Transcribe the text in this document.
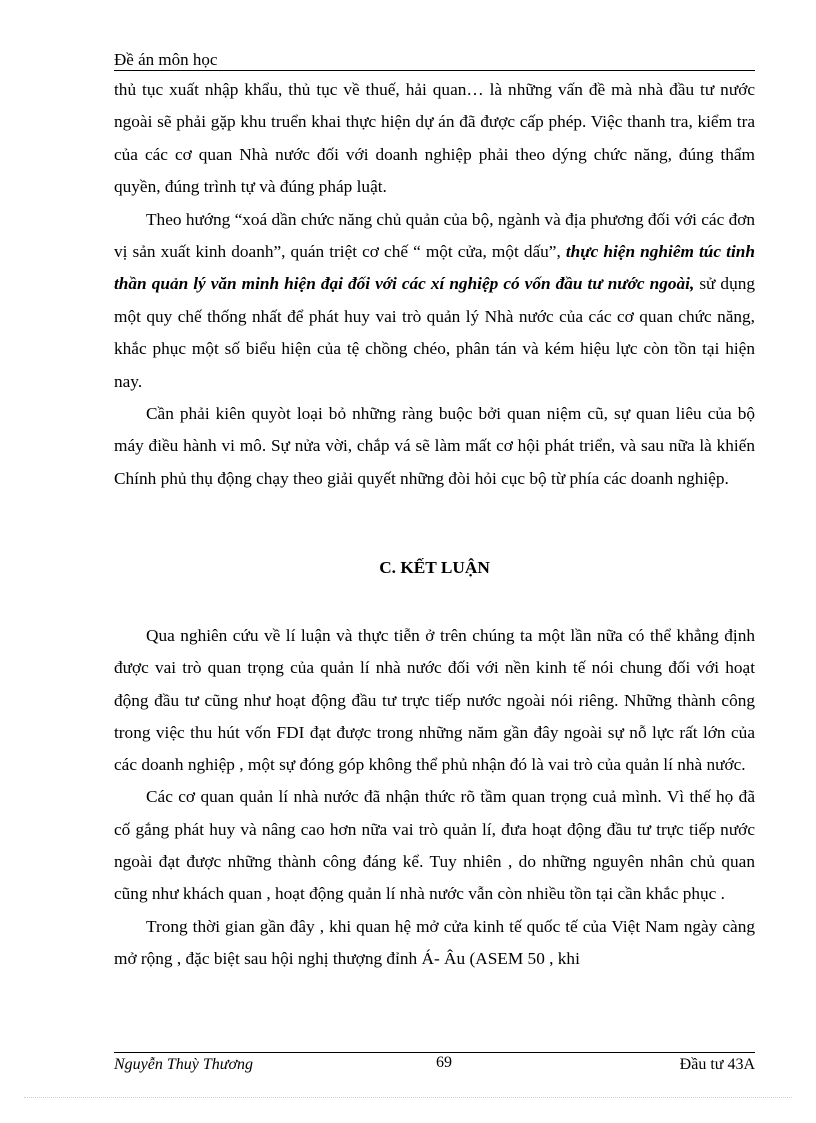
Đề án môn học

thủ tục xuất nhập khẩu, thủ tục về thuế, hải quan… là những vấn đề mà nhà đầu tư nước ngoài sẽ phải gặp khu truển khai thực hiện dự án đã được cấp phép. Việc thanh tra, kiểm tra của các cơ quan Nhà nước đối với doanh nghiệp phải theo dýng chức năng, đúng thẩm quyền, đúng trình tự và đúng pháp luật.

Theo hướng “xoá dần chức năng chủ quản của bộ, ngành và địa phương đối với các đơn vị sản xuất kinh doanh”, quán triệt cơ chế “ một cửa, một dấu”, thực hiện nghiêm túc tinh thần quản lý văn minh hiện đại đối với các xí nghiệp có vốn đầu tư nước ngoài, sử dụng một quy chế thống nhất để phát huy vai trò quản lý Nhà nước của các cơ quan chức năng, khắc phục một số biểu hiện của tệ chồng chéo, phân tán và kém hiệu lực còn tồn tại hiện nay.

Cần phải kiên quyòt loại bỏ những ràng buộc bởi quan niệm cũ, sự quan liêu của bộ máy điều hành vi mô. Sự nửa vời, chắp vá sẽ làm mất cơ hội phát triển, và sau nữa là khiến Chính phủ thụ động chạy theo giải quyết những đòi hỏi cục bộ từ phía các doanh nghiệp.

C. KẾT LUẬN

Qua nghiên cứu về lí luận và thực tiễn ở trên chúng ta một lần nữa có thể khẳng định được vai trò quan trọng của quản lí nhà nước đối với nền kinh tế nói chung đối với hoạt động đầu tư cũng như hoạt động đầu tư trực tiếp nước ngoài nói riêng. Những thành công trong việc thu hút vốn FDI đạt được trong những năm gần đây ngoài sự nỗ lực rất lớn của các doanh nghiệp , một sự đóng góp không thể phủ nhận đó là vai trò của quản lí nhà nước.

Các cơ quan quản lí nhà nước đã nhận thức rõ tầm quan trọng cuả mình. Vì thế họ đã cố gắng phát huy và nâng cao hơn nữa vai trò quản lí, đưa hoạt động đầu tư trực tiếp nước ngoài đạt được những thành công đáng kể. Tuy nhiên , do những nguyên nhân chủ quan cũng như khách quan , hoạt động quản lí nhà nước vẫn còn nhiều tồn tại cần khắc phục .

Trong thời gian gần đây , khi quan hệ mở cửa kinh tế quốc tế của Việt Nam ngày càng mở rộng , đặc biệt sau hội nghị thượng đỉnh Á- Âu (ASEM 50 , khi

Nguyễn Thuỳ Thương	69	Đầu tư 43A
